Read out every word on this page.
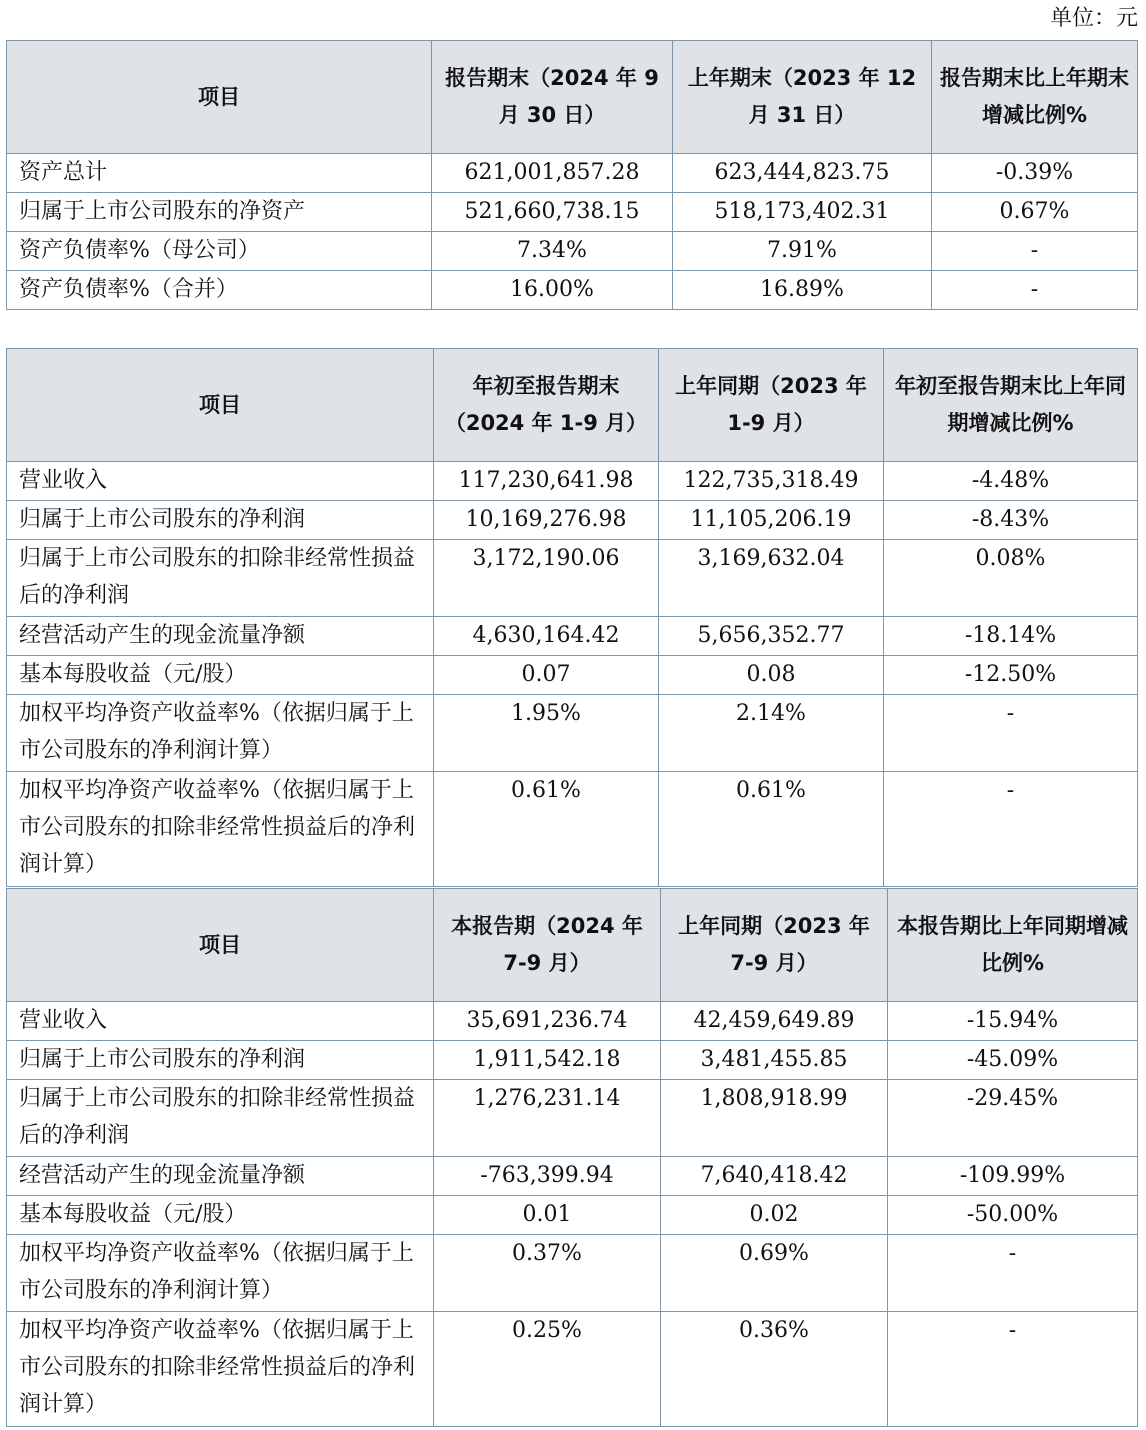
单位：元
项目	报告期末（2024 年 9 月 30 日）	上年期末（2023 年 12 月 31 日）	报告期末比上年期末增减比例%
资产总计	621,001,857.28	623,444,823.75	-0.39%
归属于上市公司股东的净资产	521,660,738.15	518,173,402.31	0.67%
资产负债率%（母公司）	7.34%	7.91%	-
资产负债率%（合并）	16.00%	16.89%	-
项目	年初至报告期末（2024 年 1-9 月）	上年同期（2023 年 1-9 月）	年初至报告期末比上年同期增减比例%
营业收入	117,230,641.98	122,735,318.49	-4.48%
归属于上市公司股东的净利润	10,169,276.98	11,105,206.19	-8.43%
归属于上市公司股东的扣除非经常性损益后的净利润	3,172,190.06	3,169,632.04	0.08%
经营活动产生的现金流量净额	4,630,164.42	5,656,352.77	-18.14%
基本每股收益（元/股）	0.07	0.08	-12.50%
加权平均净资产收益率%（依据归属于上市公司股东的净利润计算）	1.95%	2.14%	-
加权平均净资产收益率%（依据归属于上市公司股东的扣除非经常性损益后的净利润计算）	0.61%	0.61%	-
项目	本报告期（2024 年 7-9 月）	上年同期（2023 年 7-9 月）	本报告期比上年同期增减比例%
营业收入	35,691,236.74	42,459,649.89	-15.94%
归属于上市公司股东的净利润	1,911,542.18	3,481,455.85	-45.09%
归属于上市公司股东的扣除非经常性损益后的净利润	1,276,231.14	1,808,918.99	-29.45%
经营活动产生的现金流量净额	-763,399.94	7,640,418.42	-109.99%
基本每股收益（元/股）	0.01	0.02	-50.00%
加权平均净资产收益率%（依据归属于上市公司股东的净利润计算）	0.37%	0.69%	-
加权平均净资产收益率%（依据归属于上市公司股东的扣除非经常性损益后的净利润计算）	0.25%	0.36%	-
